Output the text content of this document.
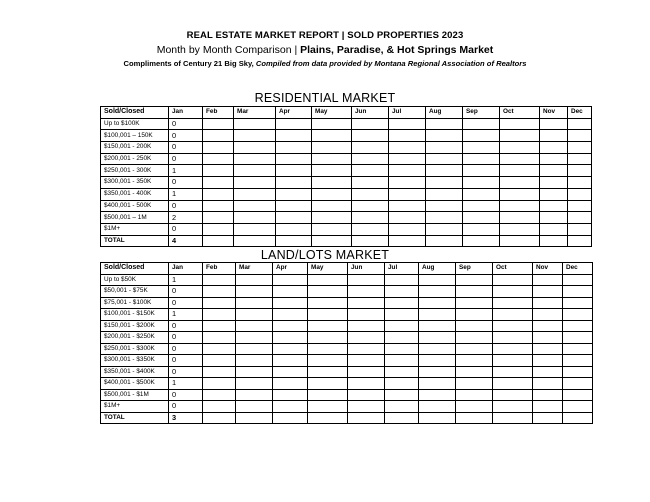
REAL ESTATE MARKET REPORT | SOLD PROPERTIES 2023
Month by Month Comparison | Plains, Paradise, & Hot Springs Market
Compliments of Century 21 Big Sky, Compiled from data provided by Montana Regional Association of Realtors
RESIDENTIAL MARKET
Sold/Closed	Jan	Feb	Mar	Apr	May	Jun	Jul	Aug	Sep	Oct	Nov	Dec
Up to $100K	0											
$100,001 – 150K	0											
$150,001 - 200K	0											
$200,001 - 250K	0											
$250,001 - 300K	1											
$300,001 - 350K	0											
$350,001 - 400K	1											
$400,001 - 500K	0											
$500,001 – 1M	2											
$1M+	0											
TOTAL	4											
LAND/LOTS MARKET
Sold/Closed	Jan	Feb	Mar	Apr	May	Jun	Jul	Aug	Sep	Oct	Nov	Dec
Up to $50K	1											
$50,001 - $75K	0											
$75,001 - $100K	0											
$100,001 - $150K	1											
$150,001 - $200K	0											
$200,001 - $250K	0											
$250,001 - $300K	0											
$300,001 - $350K	0											
$350,001 - $400K	0											
$400,001 - $500K	1											
$500,001 - $1M	0											
$1M+	0											
TOTAL	3											
